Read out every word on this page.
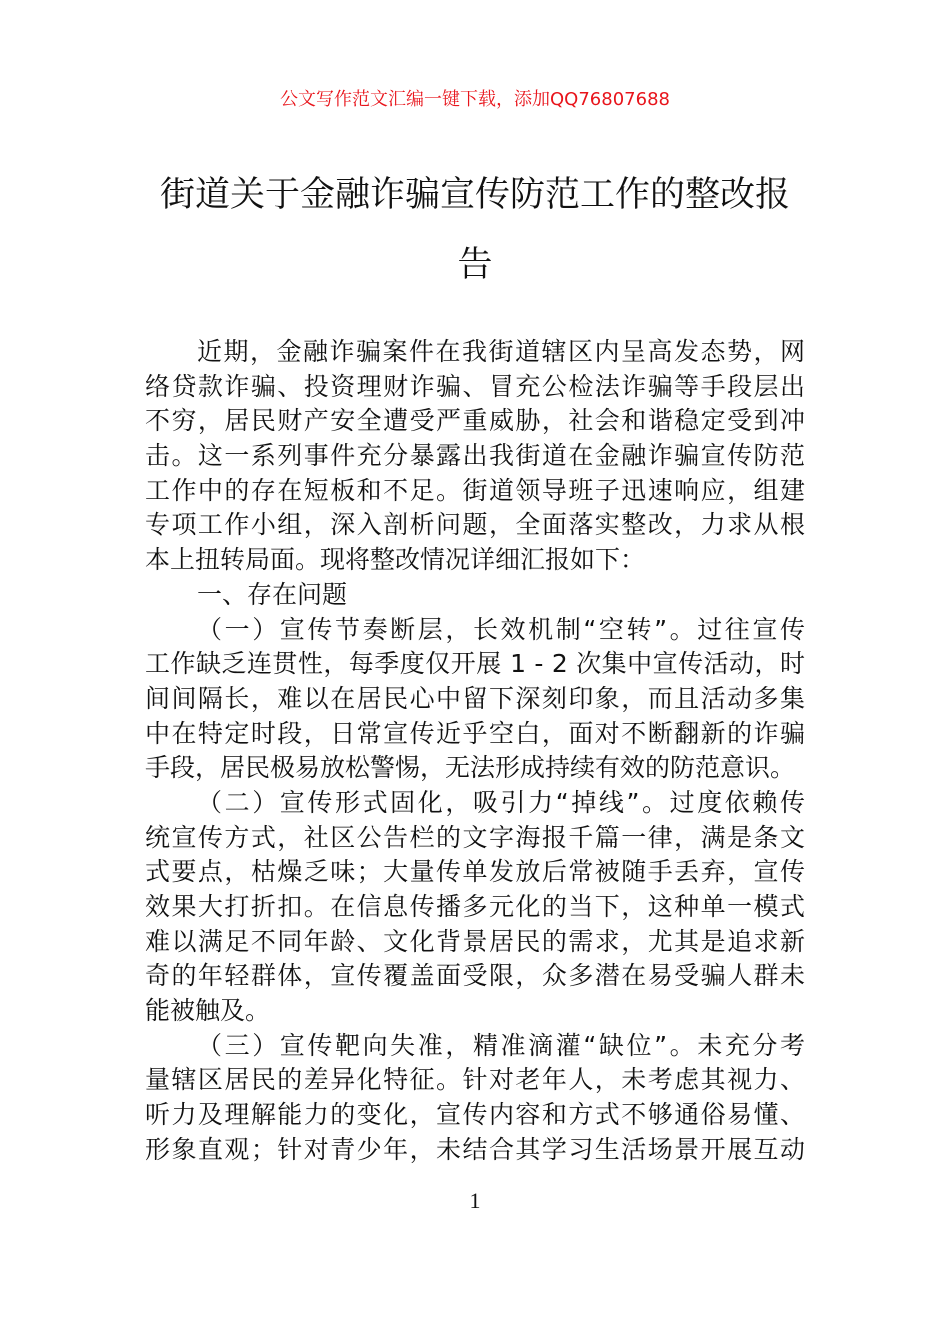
公文写作范文汇编一键下载，添加QQ76807688
街道关于金融诈骗宣传防范工作的整改报
告
近期，金融诈骗案件在我街道辖区内呈高发态势，网
络贷款诈骗、投资理财诈骗、冒充公检法诈骗等手段层出
不穷，居民财产安全遭受严重威胁，社会和谐稳定受到冲
击。这一系列事件充分暴露出我街道在金融诈骗宣传防范
工作中的存在短板和不足。街道领导班子迅速响应，组建
专项工作小组，深入剖析问题，全面落实整改，力求从根
本上扭转局面。现将整改情况详细汇报如下：
一、存在问题
（一）宣传节奏断层，长效机制“空转”。过往宣传
工作缺乏连贯性，每季度仅开展 1 - 2 次集中宣传活动，时
间间隔长，难以在居民心中留下深刻印象，而且活动多集
中在特定时段，日常宣传近乎空白，面对不断翻新的诈骗
手段，居民极易放松警惕，无法形成持续有效的防范意识。
（二）宣传形式固化，吸引力“掉线”。过度依赖传
统宣传方式，社区公告栏的文字海报千篇一律，满是条文
式要点，枯燥乏味；大量传单发放后常被随手丢弃，宣传
效果大打折扣。在信息传播多元化的当下，这种单一模式
难以满足不同年龄、文化背景居民的需求，尤其是追求新
奇的年轻群体，宣传覆盖面受限，众多潜在易受骗人群未
能被触及。
（三）宣传靶向失准，精准滴灌“缺位”。未充分考
量辖区居民的差异化特征。针对老年人，未考虑其视力、
听力及理解能力的变化，宣传内容和方式不够通俗易懂、
形象直观；针对青少年，未结合其学习生活场景开展互动
1
